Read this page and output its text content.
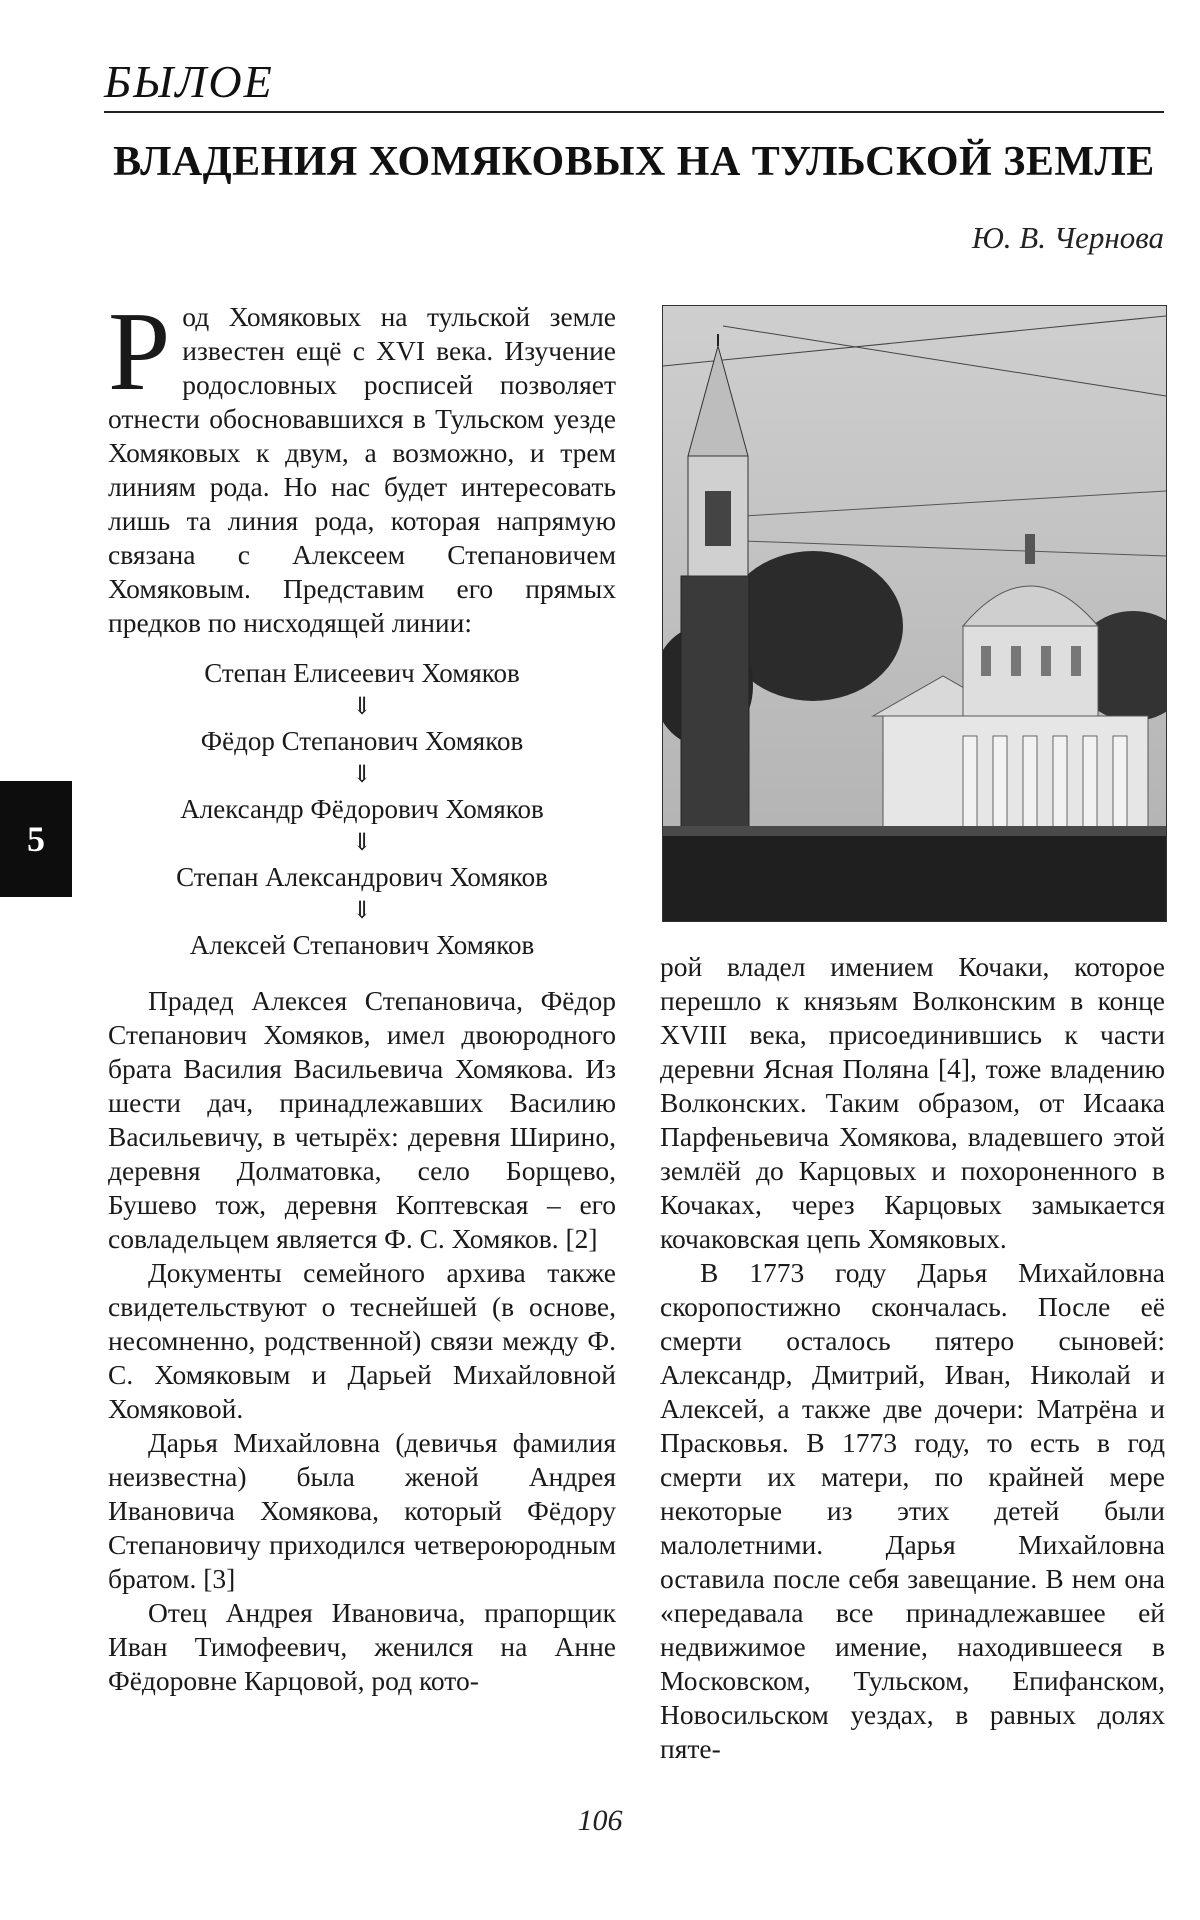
БЫЛОЕ
ВЛАДЕНИЯ ХОМЯКОВЫХ НА ТУЛЬСКОЙ ЗЕМЛЕ
Ю. В. Чернова

Род Хомяковых на тульской земле известен ещё с XVI века. Изучение родословных росписей позволяет отнести обосновавшихся в Тульском уезде Хомяковых к двум, а возможно, и трем линиям рода. Но нас будет интересовать лишь та линия рода, которая напрямую связана с Алексеем Степановичем Хомяковым. Представим его прямых предков по нисходящей линии:

Степан Елисеевич Хомяков
⇓
Фёдор Степанович Хомяков
⇓
Александр Фёдорович Хомяков
⇓
Степан Александрович Хомяков
⇓
Алексей Степанович Хомяков

Прадед Алексея Степановича, Фёдор Степанович Хомяков, имел двоюродного брата Василия Васильевича Хомякова. Из шести дач, принадлежавших Василию Васильевичу, в четырёх: деревня Ширино, деревня Долматовка, село Борщево, Бушево тож, деревня Коптевская – его совладельцем является Ф. С. Хомяков. [2]

Документы семейного архива также свидетельствуют о теснейшей (в основе, несомненно, родственной) связи между Ф. С. Хомяковым и Дарьей Михайловной Хомяковой.

Дарья Михайловна (девичья фамилия неизвестна) была женой Андрея Ивановича Хомякова, который Фёдору Степановичу приходился четвероюродным братом. [3]

Отец Андрея Ивановича, прапорщик Иван Тимофеевич, женился на Анне Фёдоровне Карцовой, род кото-

рой владел имением Кочаки, которое перешло к князьям Волконским в конце XVIII века, присоединившись к части деревни Ясная Поляна [4], тоже владению Волконских. Таким образом, от Исаака Парфеньевича Хомякова, владевшего этой землёй до Карцовых и похороненного в Кочаках, через Карцовых замыкается кочаковская цепь Хомяковых.

В 1773 году Дарья Михайловна скоропостижно скончалась. После её смерти осталось пятеро сыновей: Александр, Дмитрий, Иван, Николай и Алексей, а также две дочери: Матрёна и Прасковья. В 1773 году, то есть в год смерти их матери, по крайней мере некоторые из этих детей были малолетними. Дарья Михайловна оставила после себя завещание. В нем она «передавала все принадлежавшее ей недвижимое имение, находившееся в Московском, Тульском, Епифанском, Новосильском уездах, в равных долях пяте-

5
106
